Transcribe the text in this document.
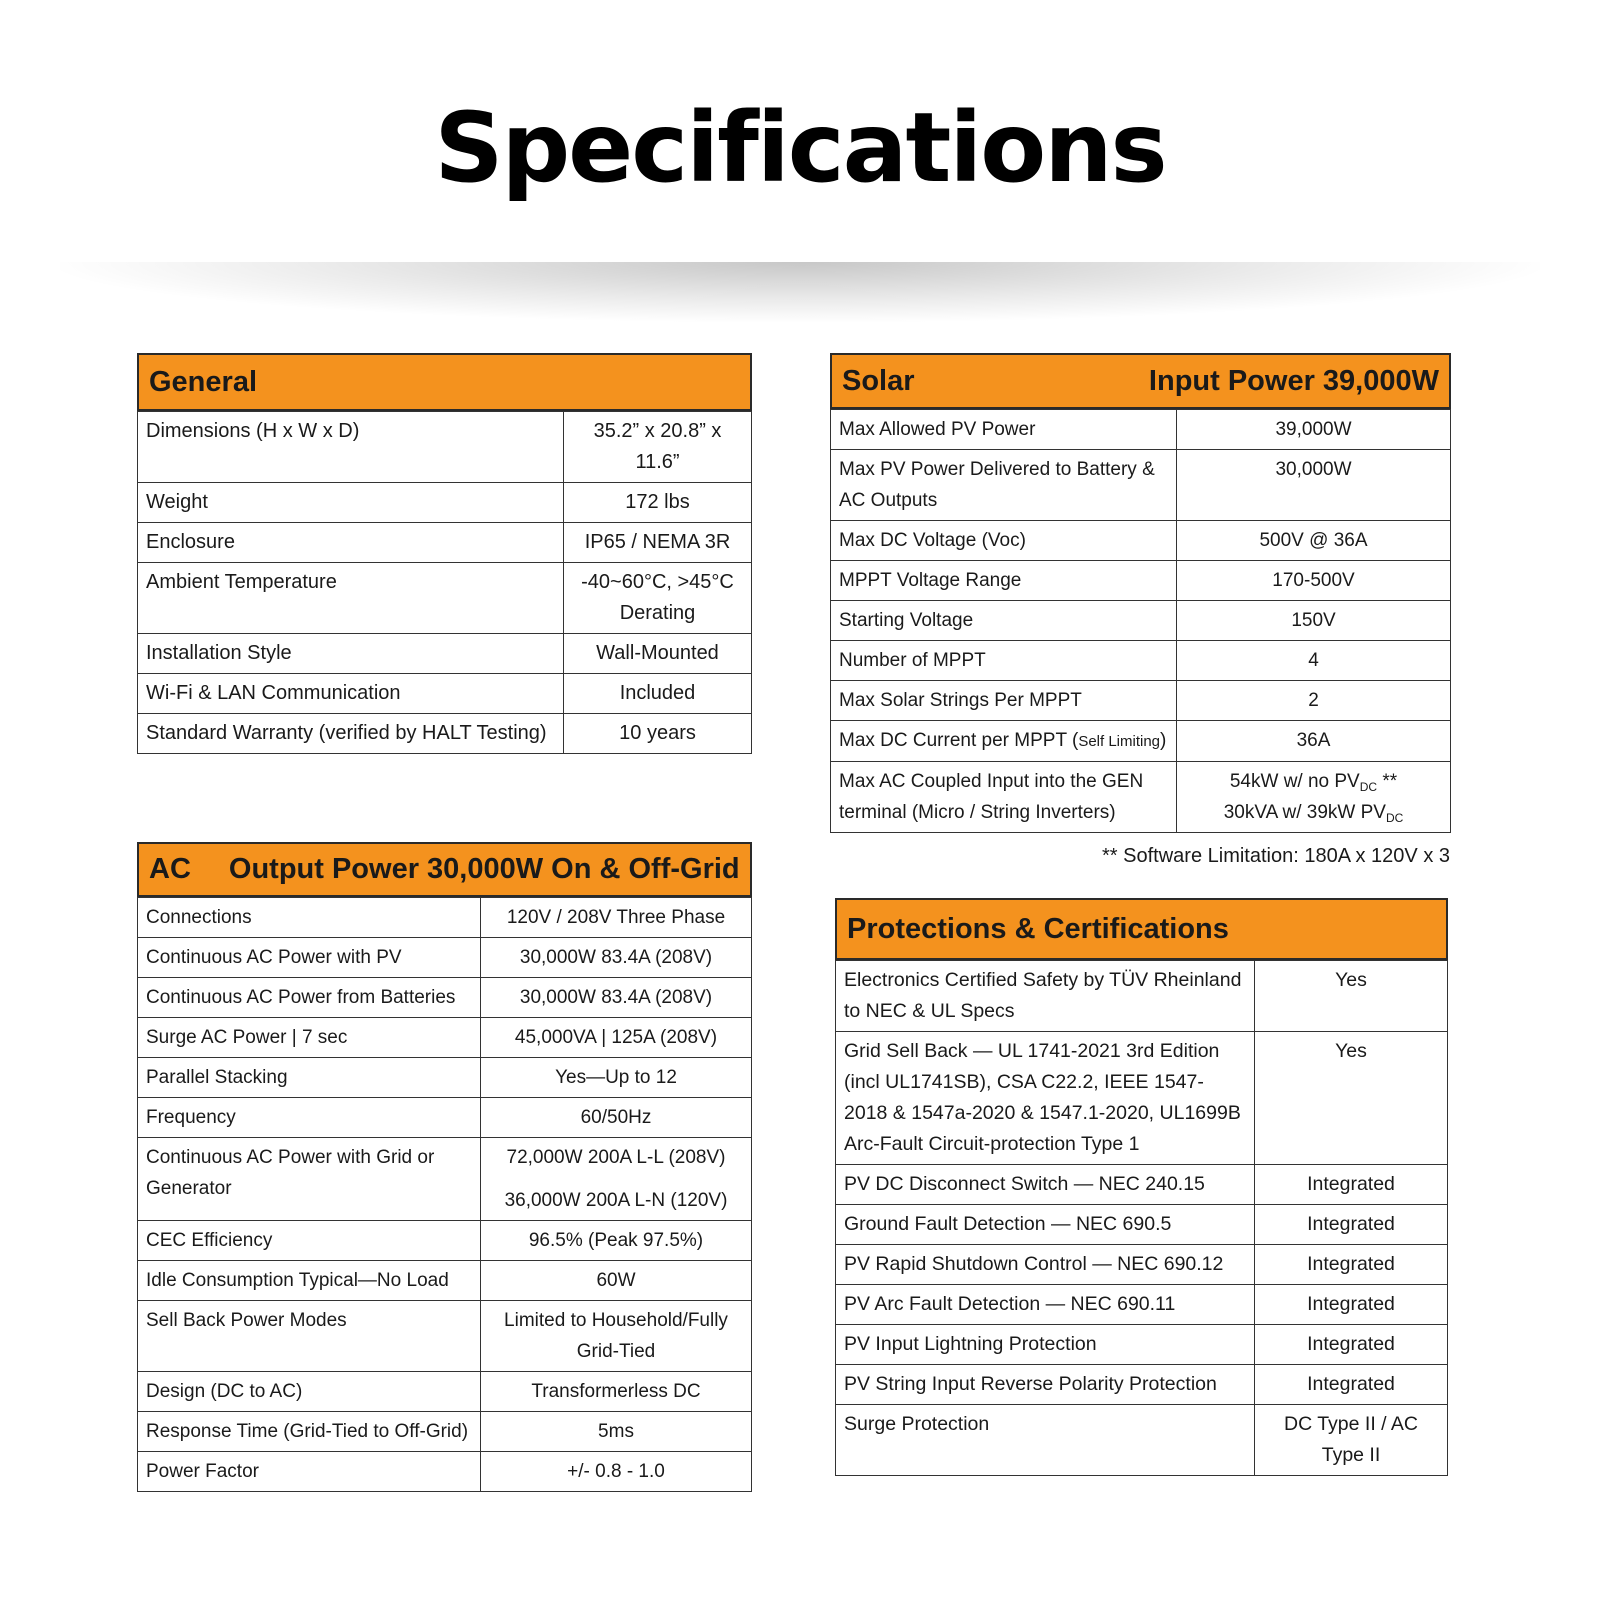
Specifications
General
Dimensions (H x W x D)	35.2” x 20.8” x 11.6”
Weight	172 lbs
Enclosure	IP65 / NEMA 3R
Ambient Temperature	-40~60°C, >45°C Derating
Installation Style	Wall-Mounted
Wi-Fi & LAN Communication	Included
Standard Warranty (verified by HALT Testing)	10 years
AC Output Power 30,000W On & Off-Grid
Connections	120V / 208V Three Phase
Continuous AC Power with PV	30,000W 83.4A (208V)
Continuous AC Power from Batteries	30,000W 83.4A (208V)
Surge AC Power | 7 sec	45,000VA | 125A (208V)
Parallel Stacking	Yes—Up to 12
Frequency	60/50Hz
Continuous AC Power with Grid or Generator	72,000W 200A L-L (208V)
36,000W 200A L-N (120V)

CEC Efficiency	96.5% (Peak 97.5%)
Idle Consumption Typical—No Load	60W
Sell Back Power Modes	Limited to Household/Fully Grid-Tied
Design (DC to AC)	Transformerless DC
Response Time (Grid-Tied to Off-Grid)	5ms
Power Factor	+/- 0.8 - 1.0
Solar	Input Power 39,000W
Max Allowed PV Power	39,000W
Max PV Power Delivered to Battery & AC Outputs	30,000W
Max DC Voltage (Voc)	500V @ 36A
MPPT Voltage Range	170-500V
Starting Voltage	150V
Number of MPPT	4
Max Solar Strings Per MPPT	2
Max DC Current per MPPT (Self Limiting)	36A
Max AC Coupled Input into the GEN terminal (Micro / String Inverters)	54kW w/ no $PV_{DC}$ **
30kVA w/ 39kW $PV_{DC}$
** Software Limitation: 180A x 120V x 3
Protections & Certifications
Electronics Certified Safety by TÜV Rheinland to NEC & UL Specs	Yes
Grid Sell Back — UL 1741-2021 3rd Edition (incl UL1741SB), CSA C22.2, IEEE 1547-2018 & 1547a-2020 & 1547.1-2020, UL1699B Arc-Fault Circuit-protection Type 1	Yes
PV DC Disconnect Switch — NEC 240.15	Integrated
Ground Fault Detection — NEC 690.5	Integrated
PV Rapid Shutdown Control — NEC 690.12	Integrated
PV Arc Fault Detection — NEC 690.11	Integrated
PV Input Lightning Protection	Integrated
PV String Input Reverse Polarity Protection	Integrated
Surge Protection	DC Type II / AC Type II
